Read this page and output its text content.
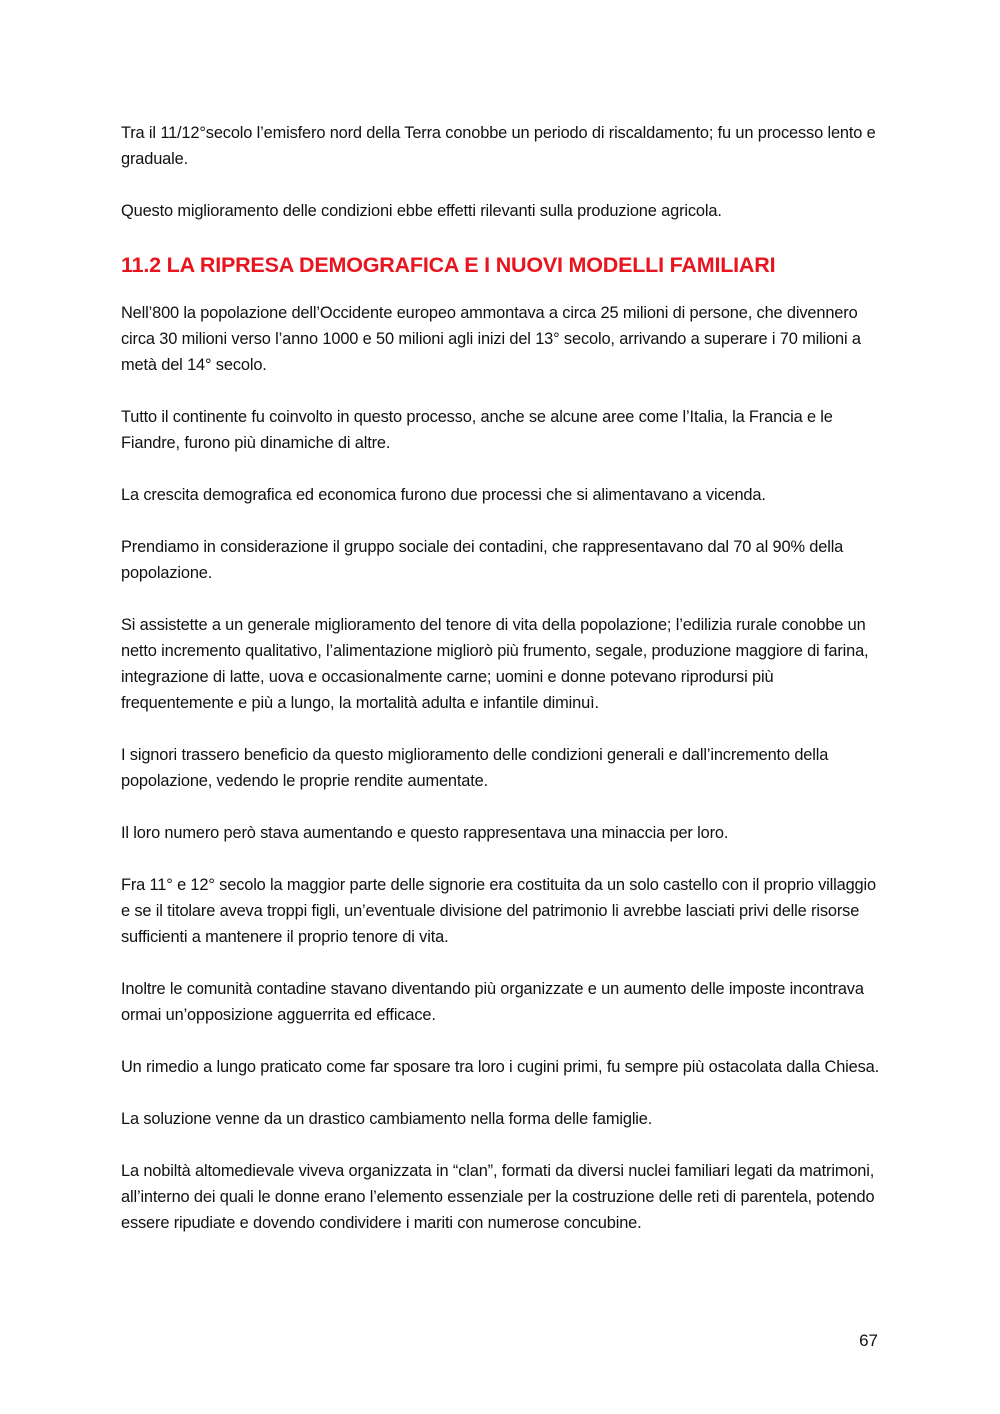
Tra il 11/12°secolo l’emisfero nord della Terra conobbe un periodo di riscaldamento; fu un processo lento e graduale.

Questo miglioramento delle condizioni ebbe effetti rilevanti sulla produzione agricola.

11.2 LA RIPRESA DEMOGRAFICA E I NUOVI MODELLI FAMILIARI

Nell’800 la popolazione dell’Occidente europeo ammontava a circa 25 milioni di persone, che divennero circa 30 milioni verso l’anno 1000 e 50 milioni agli inizi del 13° secolo, arrivando a superare i 70 milioni a metà del 14° secolo.

Tutto il continente fu coinvolto in questo processo, anche se alcune aree come l’Italia, la Francia e le Fiandre, furono più dinamiche di altre.

La crescita demografica ed economica furono due processi che si alimentavano a vicenda.

Prendiamo in considerazione il gruppo sociale dei contadini, che rappresentavano dal 70 al 90% della popolazione.

Si assistette a un generale miglioramento del tenore di vita della popolazione; l’edilizia rurale conobbe un netto incremento qualitativo, l’alimentazione migliorò più frumento, segale, produzione maggiore di farina, integrazione di latte, uova e occasionalmente carne; uomini e donne potevano riprodursi più frequentemente e più a lungo, la mortalità adulta e infantile diminuì.

I signori trassero beneficio da questo miglioramento delle condizioni generali e dall’incremento della popolazione, vedendo le proprie rendite aumentate.

Il loro numero però stava aumentando e questo rappresentava una minaccia per loro.

Fra 11° e 12° secolo la maggior parte delle signorie era costituita da un solo castello con il proprio villaggio e se il titolare aveva troppi figli, un’eventuale divisione del patrimonio li avrebbe lasciati privi delle risorse sufficienti a mantenere il proprio tenore di vita.

Inoltre le comunità contadine stavano diventando più organizzate e un aumento delle imposte incontrava ormai un’opposizione agguerrita ed efficace.

Un rimedio a lungo praticato come far sposare tra loro i cugini primi, fu sempre più ostacolata dalla Chiesa.

La soluzione venne da un drastico cambiamento nella forma delle famiglie.

La nobiltà altomedievale viveva organizzata in “clan”, formati da diversi nuclei familiari legati da matrimoni, all’interno dei quali le donne erano l’elemento essenziale per la costruzione delle reti di parentela, potendo essere ripudiate e dovendo condividere i mariti con numerose concubine.

67
